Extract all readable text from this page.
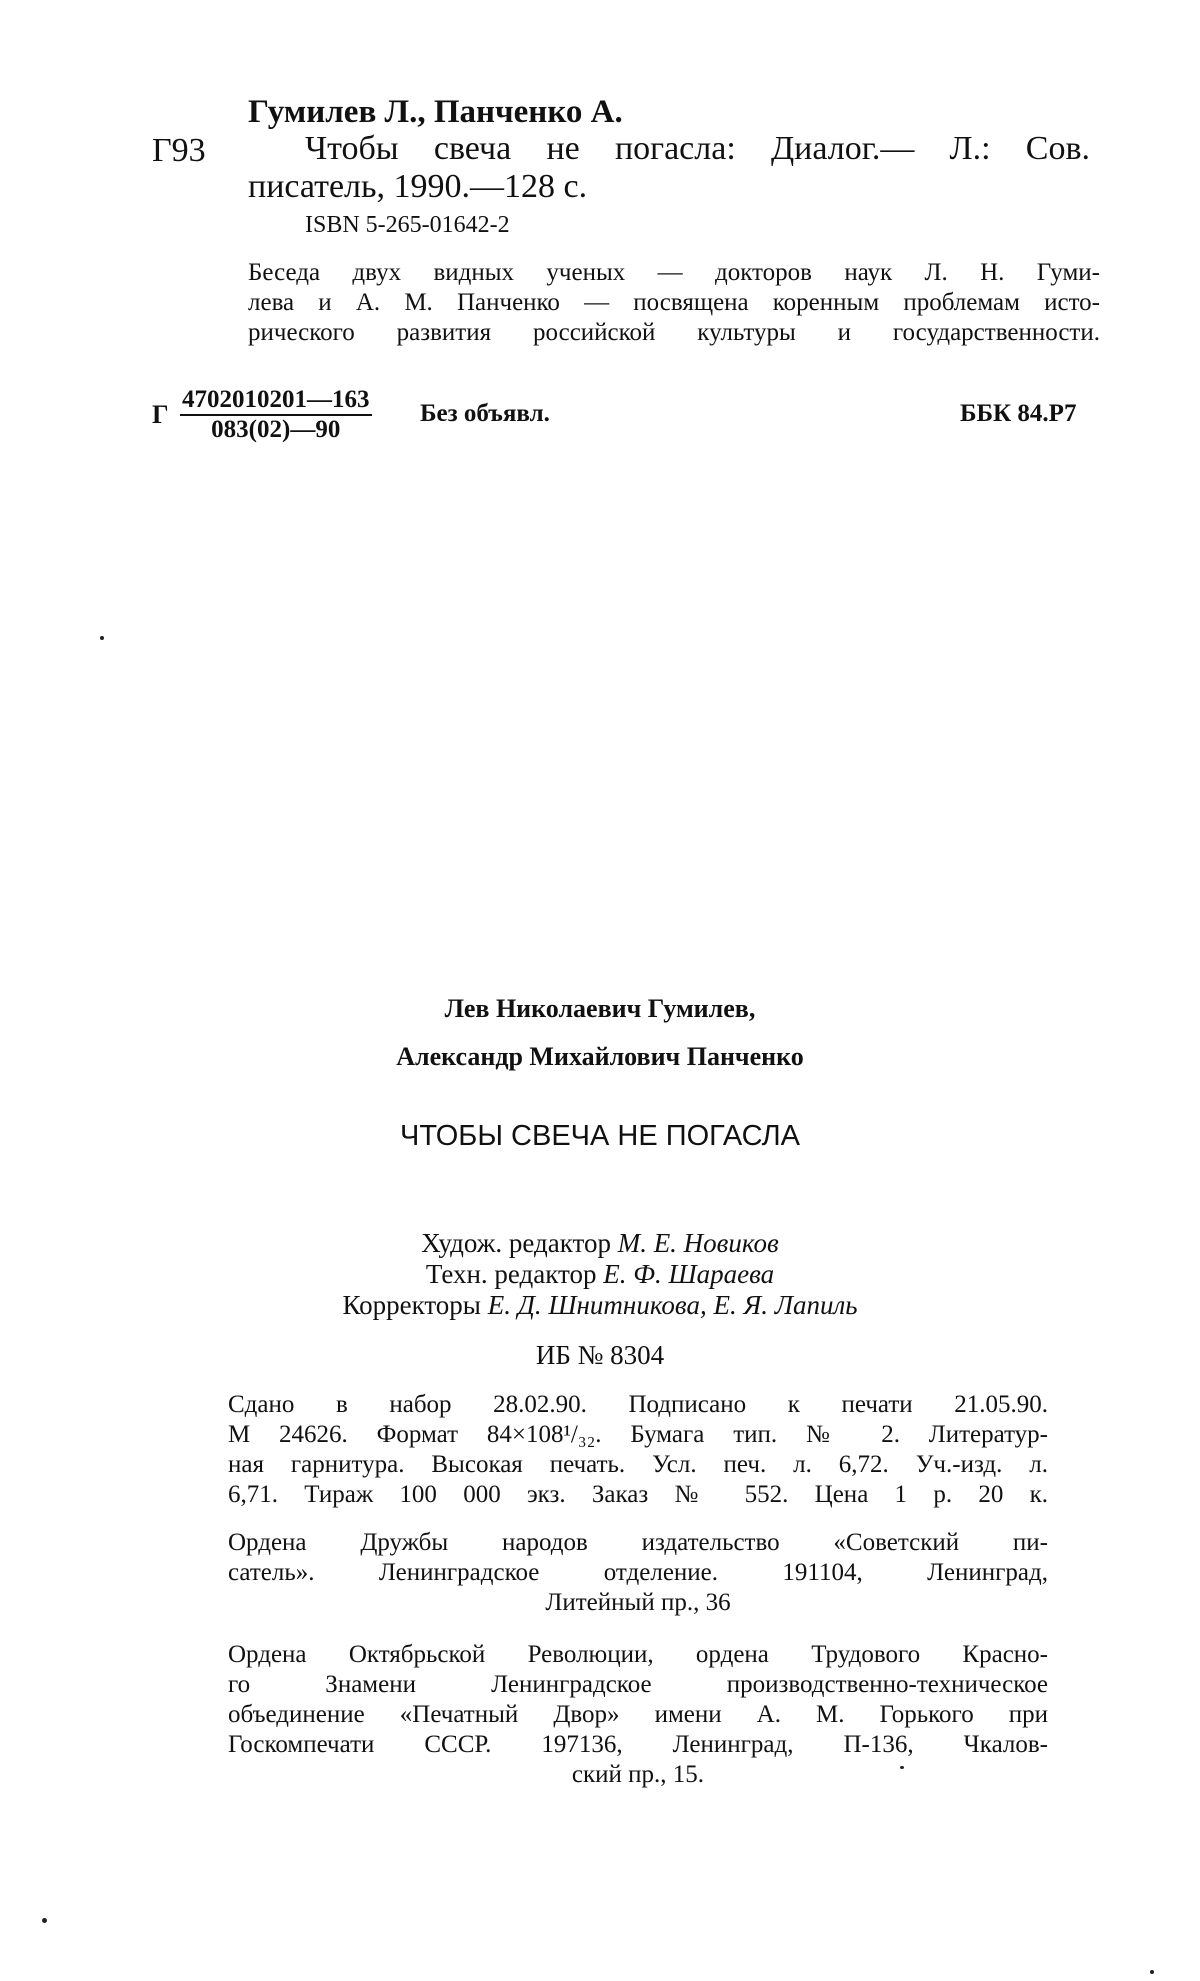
Гумилев Л., Панченко А.
Г93	Чтобы свеча не погасла: Диалог.— Л.: Сов.
писатель, 1990.—128 с.
ISBN 5-265-01642-2
Беседа двух видных ученых — докторов наук Л. Н. Гуми-
лева и А. М. Панченко — посвящена коренным проблемам исто-
рического развития российской культуры и государственности.
Г $\frac{4702010201—163}{083(02)—90}$ Без объявл.	ББК 84.Р7
Лев Николаевич Гумилев,
Александр Михайлович Панченко
ЧТОБЫ СВЕЧА НЕ ПОГАСЛА
Худож. редактор М. Е. Новиков
Техн. редактор Е. Ф. Шараева
Корректоры Е. Д. Шнитникова, Е. Я. Лапиль
ИБ № 8304
Сдано в набор 28.02.90. Подписано к печати 21.05.90.
М 24626. Формат 84×108¹/₃₂. Бумага тип. № 2. Литератур-
ная гарнитура. Высокая печать. Усл. печ. л. 6,72. Уч.-изд. л.
6,71. Тираж 100 000 экз. Заказ № 552. Цена 1 р. 20 к.
Ордена Дружбы народов издательство «Советский пи-
сатель». Ленинградское отделение. 191104, Ленинград,
Литейный пр., 36
Ордена Октябрьской Революции, ордена Трудового Красно-
го Знамени Ленинградское производственно-техническое
объединение «Печатный Двор» имени А. М. Горького при
Госкомпечати СССР. 197136, Ленинград, П-136, Чкалов-
ский пр., 15.
